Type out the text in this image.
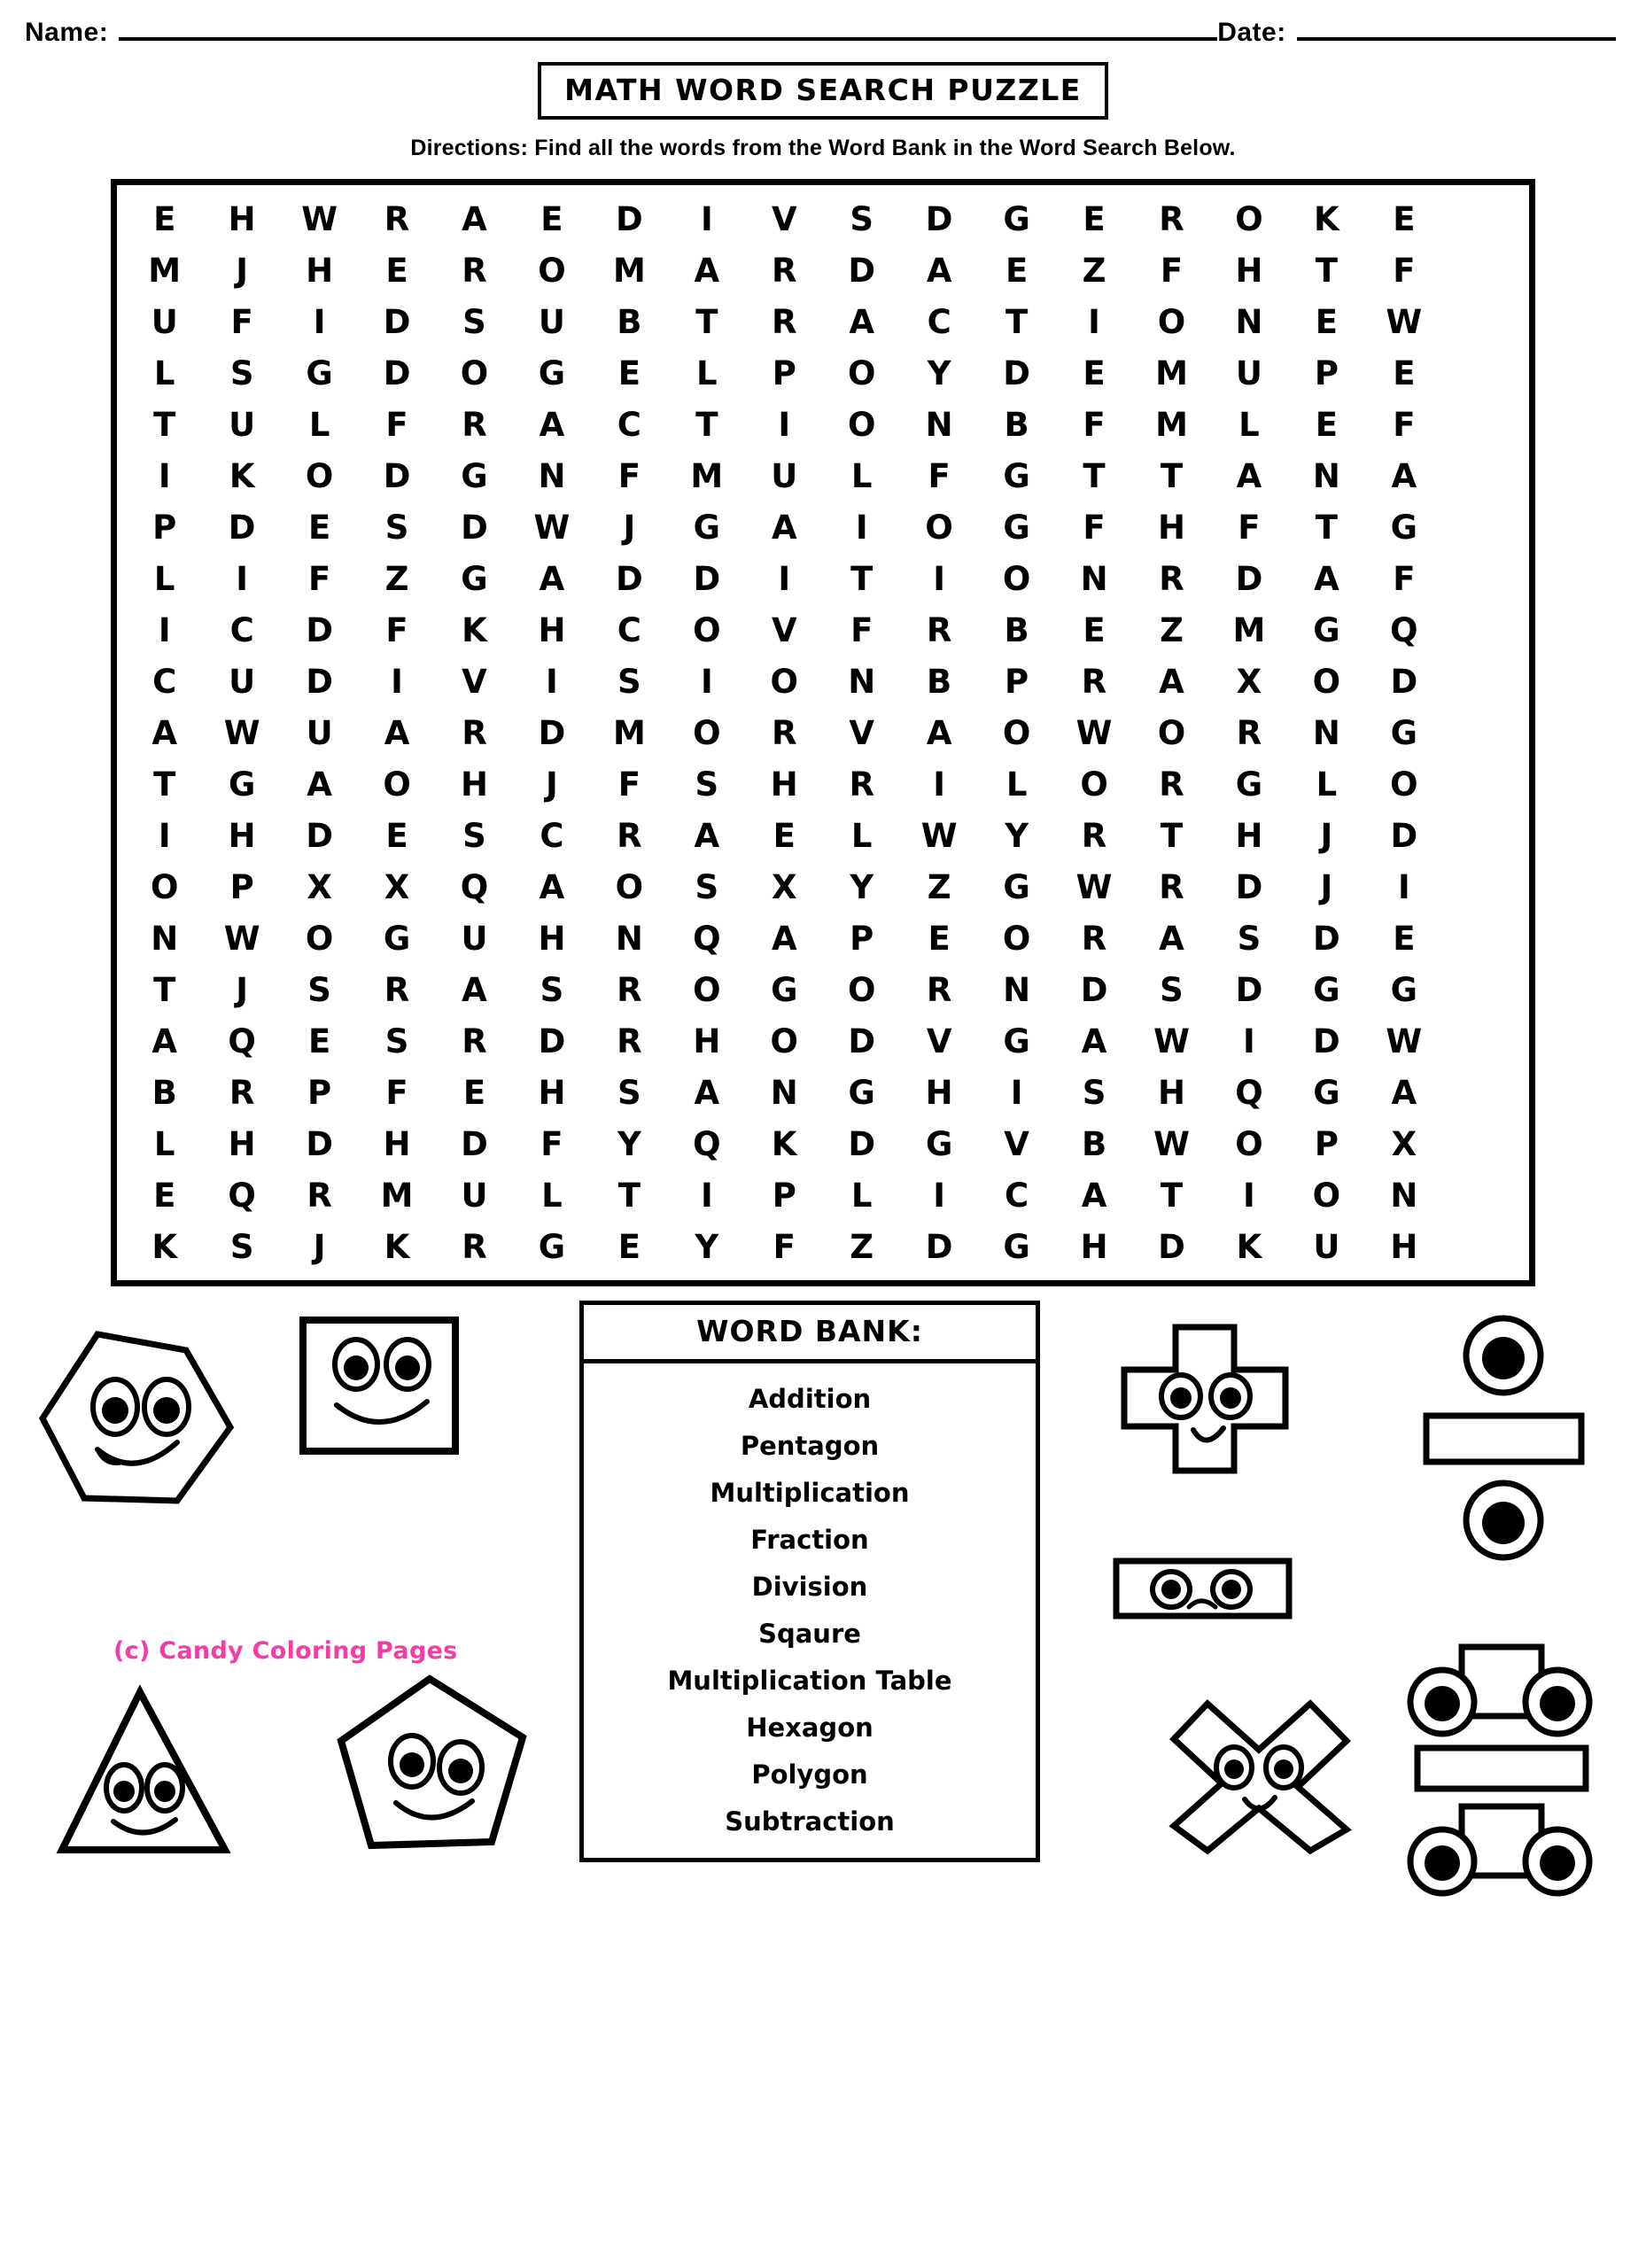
Name:	Date:
MATH WORD SEARCH PUZZLE
Directions: Find all the words from the Word Bank in the Word Search Below.
E	H	W	R	A	E	D	I	V	S	D	G	E	R	O	K	E
M	J	H	E	R	O	M	A	R	D	A	E	Z	F	H	T	F
U	F	I	D	S	U	B	T	R	A	C	T	I	O	N	E	W
L	S	G	D	O	G	E	L	P	O	Y	D	E	M	U	P	E
T	U	L	F	R	A	C	T	I	O	N	B	F	M	L	E	F
I	K	O	D	G	N	F	M	U	L	F	G	T	T	A	N	A
P	D	E	S	D	W	J	G	A	I	O	G	F	H	F	T	G
L	I	F	Z	G	A	D	D	I	T	I	O	N	R	D	A	F
I	C	D	F	K	H	C	O	V	F	R	B	E	Z	M	G	Q
C	U	D	I	V	I	S	I	O	N	B	P	R	A	X	O	D
A	W	U	A	R	D	M	O	R	V	A	O	W	O	R	N	G
T	G	A	O	H	J	F	S	H	R	I	L	O	R	G	L	O
I	H	D	E	S	C	R	A	E	L	W	Y	R	T	H	J	D
O	P	X	X	Q	A	O	S	X	Y	Z	G	W	R	D	J	I
N	W	O	G	U	H	N	Q	A	P	E	O	R	A	S	D	E
T	J	S	R	A	S	R	O	G	O	R	N	D	S	D	G	G
A	Q	E	S	R	D	R	H	O	D	V	G	A	W	I	D	W
B	R	P	F	E	H	S	A	N	G	H	I	S	H	Q	G	A
L	H	D	H	D	F	Y	Q	K	D	G	V	B	W	O	P	X
E	Q	R	M	U	L	T	I	P	L	I	C	A	T	I	O	N
K	S	J	K	R	G	E	Y	F	Z	D	G	H	D	K	U	H
(c) Candy Coloring Pages
WORD BANK:
Addition
Pentagon
Multiplication
Fraction
Division
Sqaure
Multiplication Table
Hexagon
Polygon
Subtraction
